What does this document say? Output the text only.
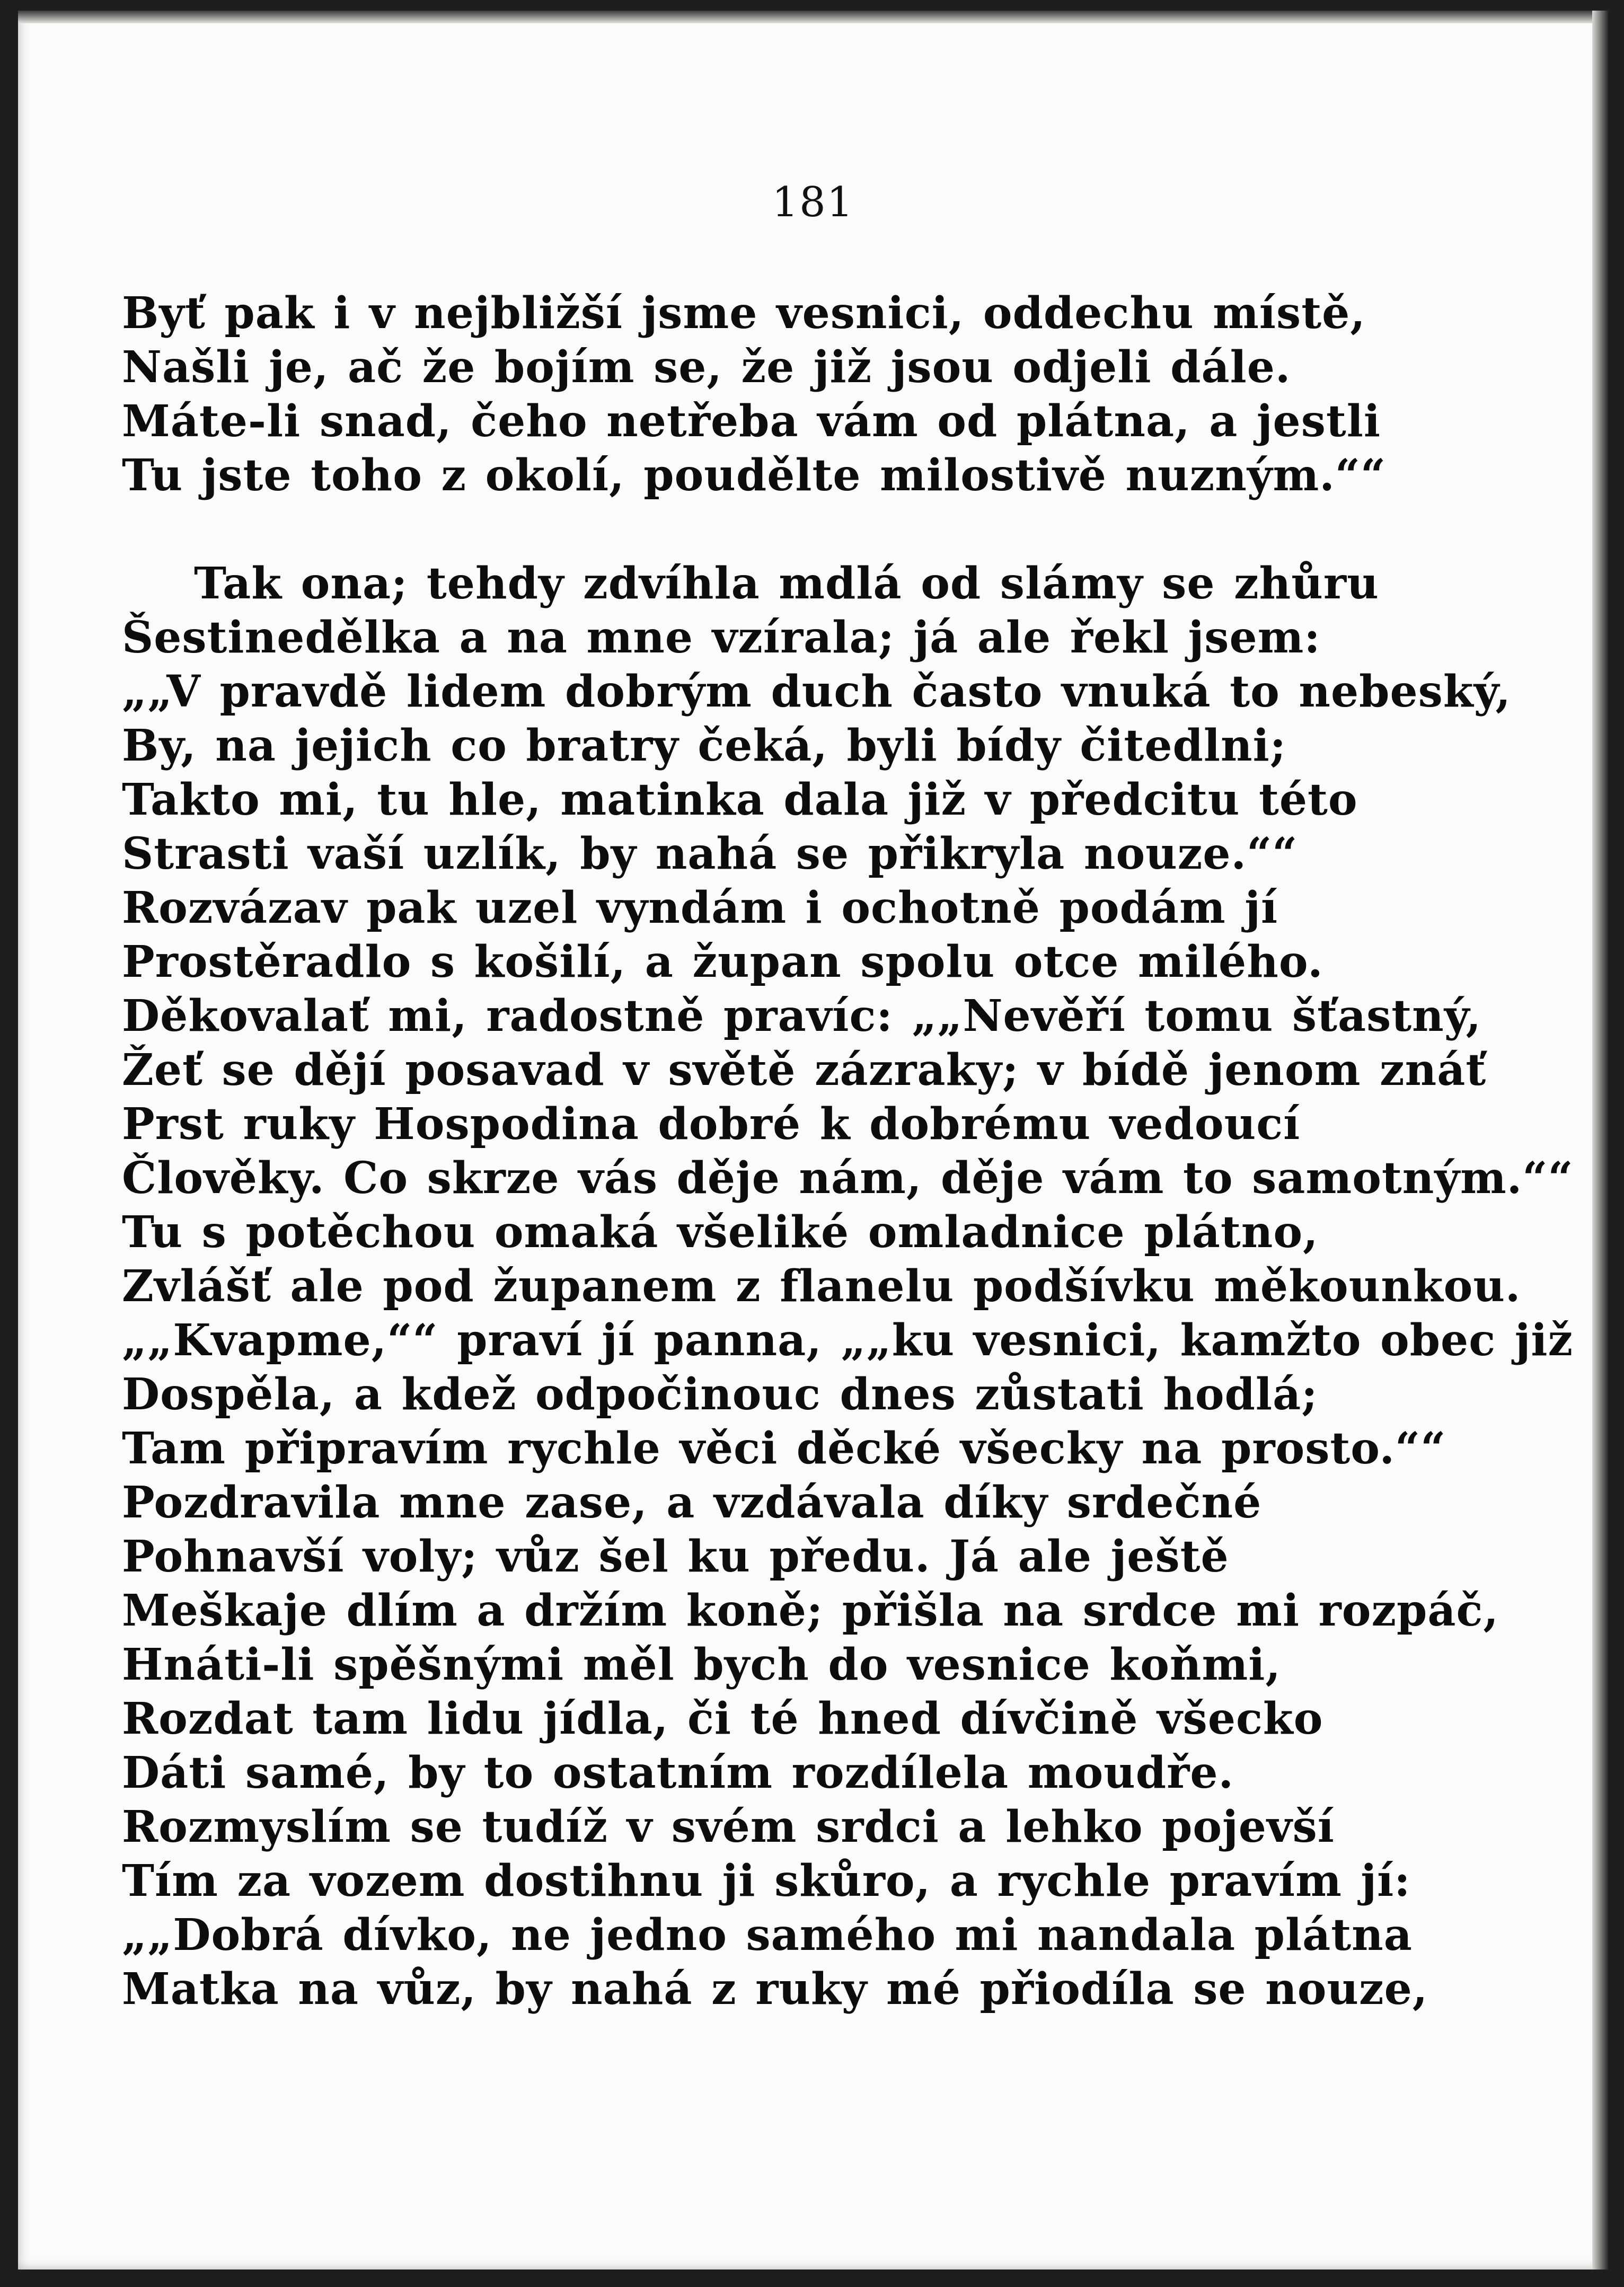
181
Byť pak i v nejbližší jsme vesnici, oddechu místě,
Našli je, ač že bojím se, že již jsou odjeli dále.
Máte-li snad, čeho netřeba vám od plátna, a jestli
Tu jste toho z okolí, poudělte milostivě nuzným.““
Tak ona; tehdy zdvíhla mdlá od slámy se zhůru
Šestinedělka a na mne vzírala; já ale řekl jsem:
„„V pravdě lidem dobrým duch často vnuká to nebeský,
By, na jejich co bratry čeká, byli bídy čitedlni;
Takto mi, tu hle, matinka dala již v předcitu této
Strasti vaší uzlík, by nahá se přikryla nouze.““
Rozvázav pak uzel vyndám i ochotně podám jí
Prostěradlo s košilí, a župan spolu otce milého.
Děkovalať mi, radostně pravíc: „„Nevěří tomu šťastný,
Žeť se dějí posavad v světě zázraky; v bídě jenom znáť
Prst ruky Hospodina dobré k dobrému vedoucí
Člověky. Co skrze vás děje nám, děje vám to samotným.““
Tu s potěchou omaká všeliké omladnice plátno,
Zvlášť ale pod županem z flanelu podšívku měkounkou.
„„Kvapme,““ praví jí panna, „„ku vesnici, kamžto obec již
Dospěla, a kdež odpočinouc dnes zůstati hodlá;
Tam připravím rychle věci děcké všecky na prosto.““
Pozdravila mne zase, a vzdávala díky srdečné
Pohnavší voly; vůz šel ku předu. Já ale ještě
Meškaje dlím a držím koně; přišla na srdce mi rozpáč,
Hnáti-li spěšnými měl bych do vesnice koňmi,
Rozdat tam lidu jídla, či té hned dívčině všecko
Dáti samé, by to ostatním rozdílela moudře.
Rozmyslím se tudíž v svém srdci a lehko pojevší
Tím za vozem dostihnu ji skůro, a rychle pravím jí:
„„Dobrá dívko, ne jedno samého mi nandala plátna
Matka na vůz, by nahá z ruky mé přiodíla se nouze,
